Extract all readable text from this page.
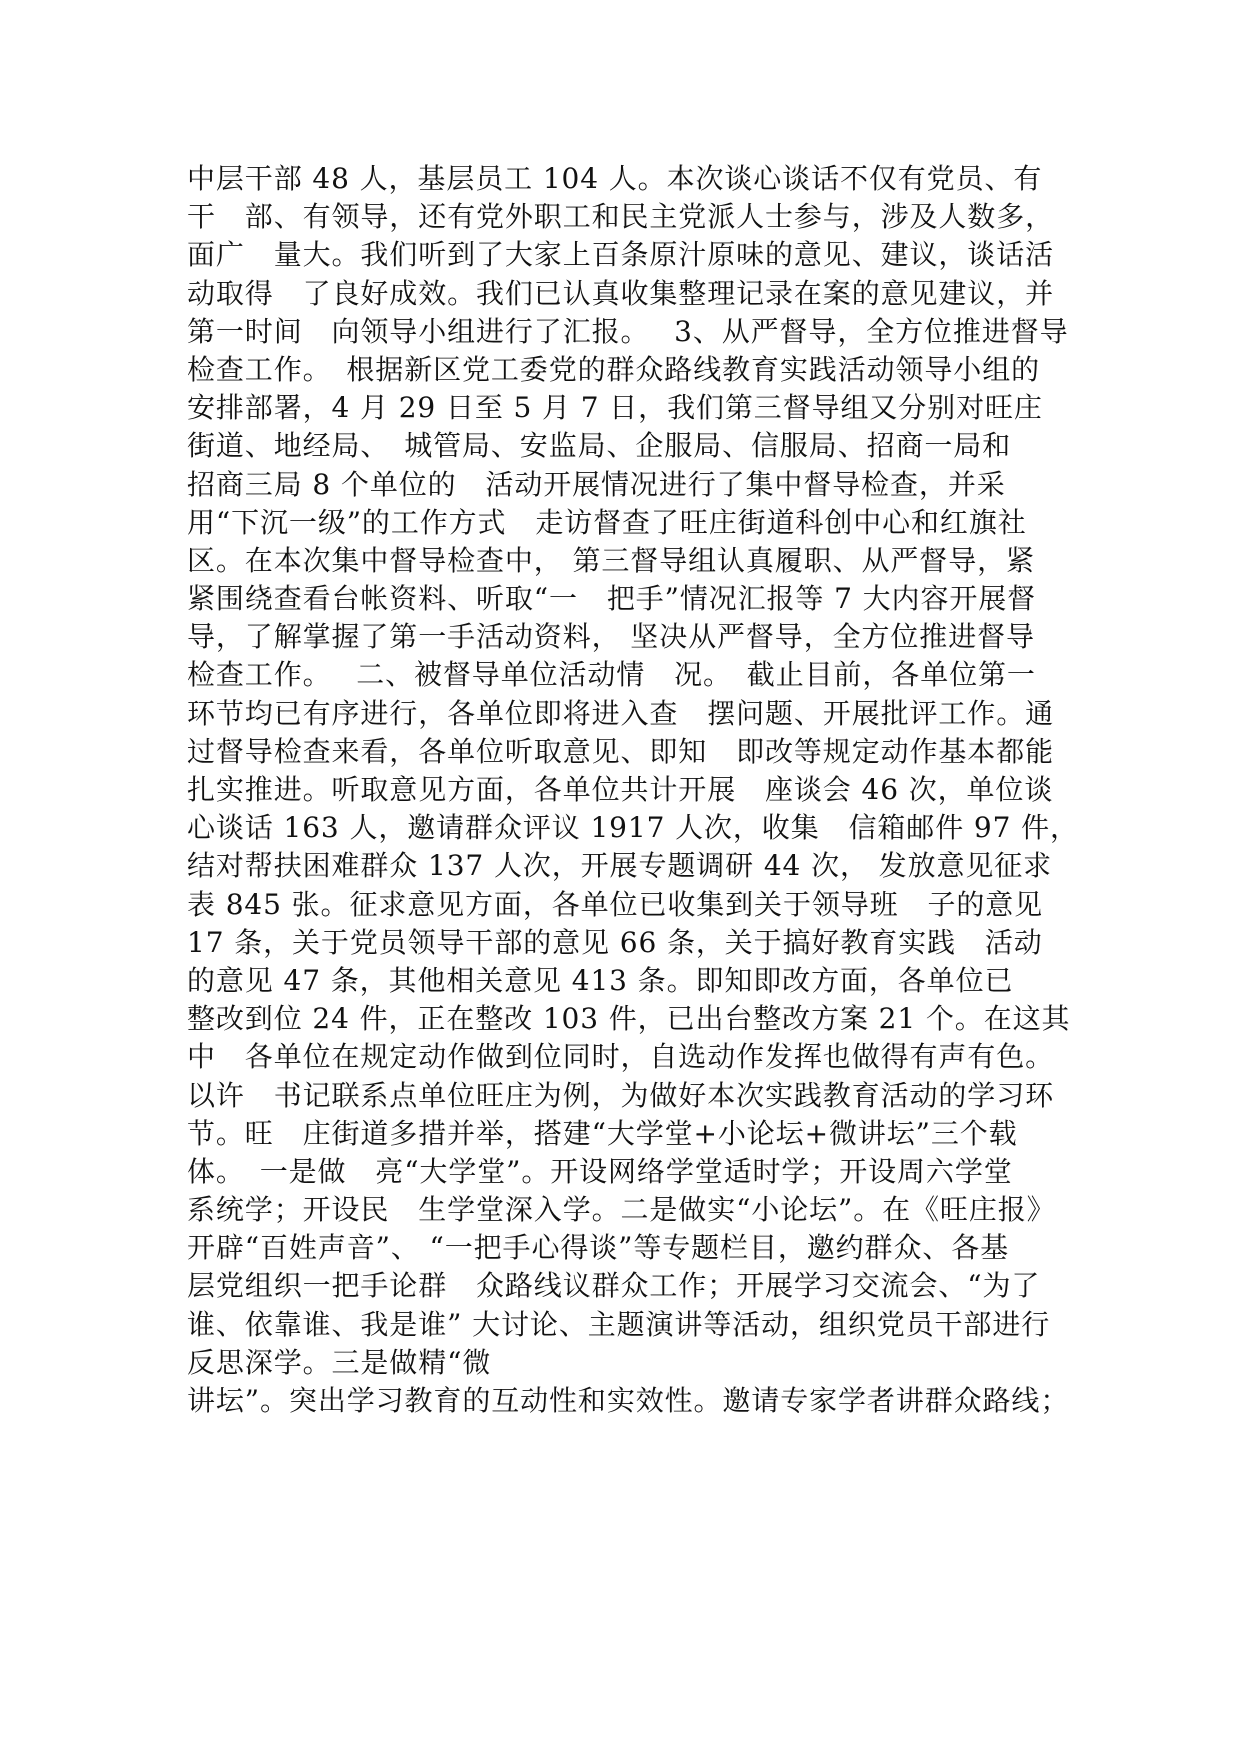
中层干部 48 人，基层员工 104 人。本次谈心谈话不仅有党员、有
干　部、有领导，还有党外职工和民主党派人士参与，涉及人数多，
面广　量大。我们听到了大家上百条原汁原味的意见、建议，谈话活
动取得　了良好成效。我们已认真收集整理记录在案的意见建议，并
第一时间　向领导小组进行了汇报。　 3、从严督导，全方位推进督导
检查工作。　根据新区党工委党的群众路线教育实践活动领导小组的
安排部署，4 月 29 日至 5 月 7 日，我们第三督导组又分别对旺庄
街道、地经局、　城管局、安监局、企服局、信服局、招商一局和
招商三局 8 个单位的　活动开展情况进行了集中督导检查，并采
用“下沉一级”的工作方式　走访督查了旺庄街道科创中心和红旗社
区。在本次集中督导检查中， 第三督导组认真履职、从严督导，紧
紧围绕查看台帐资料、听取“一　把手”情况汇报等 7 大内容开展督
导，了解掌握了第一手活动资料， 坚决从严督导，全方位推进督导
检查工作。　 二、被督导单位活动情　况。　截止目前，各单位第一
环节均已有序进行，各单位即将进入查　摆问题、开展批评工作。通
过督导检查来看，各单位听取意见、即知　即改等规定动作基本都能
扎实推进。听取意见方面，各单位共计开展　座谈会 46 次，单位谈
心谈话 163 人，邀请群众评议 1917 人次，收集　信箱邮件 97 件，
结对帮扶困难群众 137 人次，开展专题调研 44 次， 发放意见征求
表 845 张。征求意见方面，各单位已收集到关于领导班　子的意见
17 条，关于党员领导干部的意见 66 条，关于搞好教育实践　活动
的意见 47 条，其他相关意见 413 条。即知即改方面，各单位已
整改到位 24 件，正在整改 103 件，已出台整改方案 21 个。在这其
中　各单位在规定动作做到位同时，自选动作发挥也做得有声有色。
以许　书记联系点单位旺庄为例，为做好本次实践教育活动的学习环
节。旺　庄街道多措并举，搭建“大学堂+小论坛+微讲坛”三个载
体。　一是做　亮“大学堂”。开设网络学堂适时学；开设周六学堂
系统学；开设民　生学堂深入学。二是做实“小论坛”。在《旺庄报》
开辟“百姓声音”、 “一把手心得谈”等专题栏目，邀约群众、各基
层党组织一把手论群　众路线议群众工作；开展学习交流会、“为了
谁、依靠谁、我是谁” 大讨论、主题演讲等活动，组织党员干部进行
反思深学。三是做精“微
讲坛”。突出学习教育的互动性和实效性。邀请专家学者讲群众路线；
